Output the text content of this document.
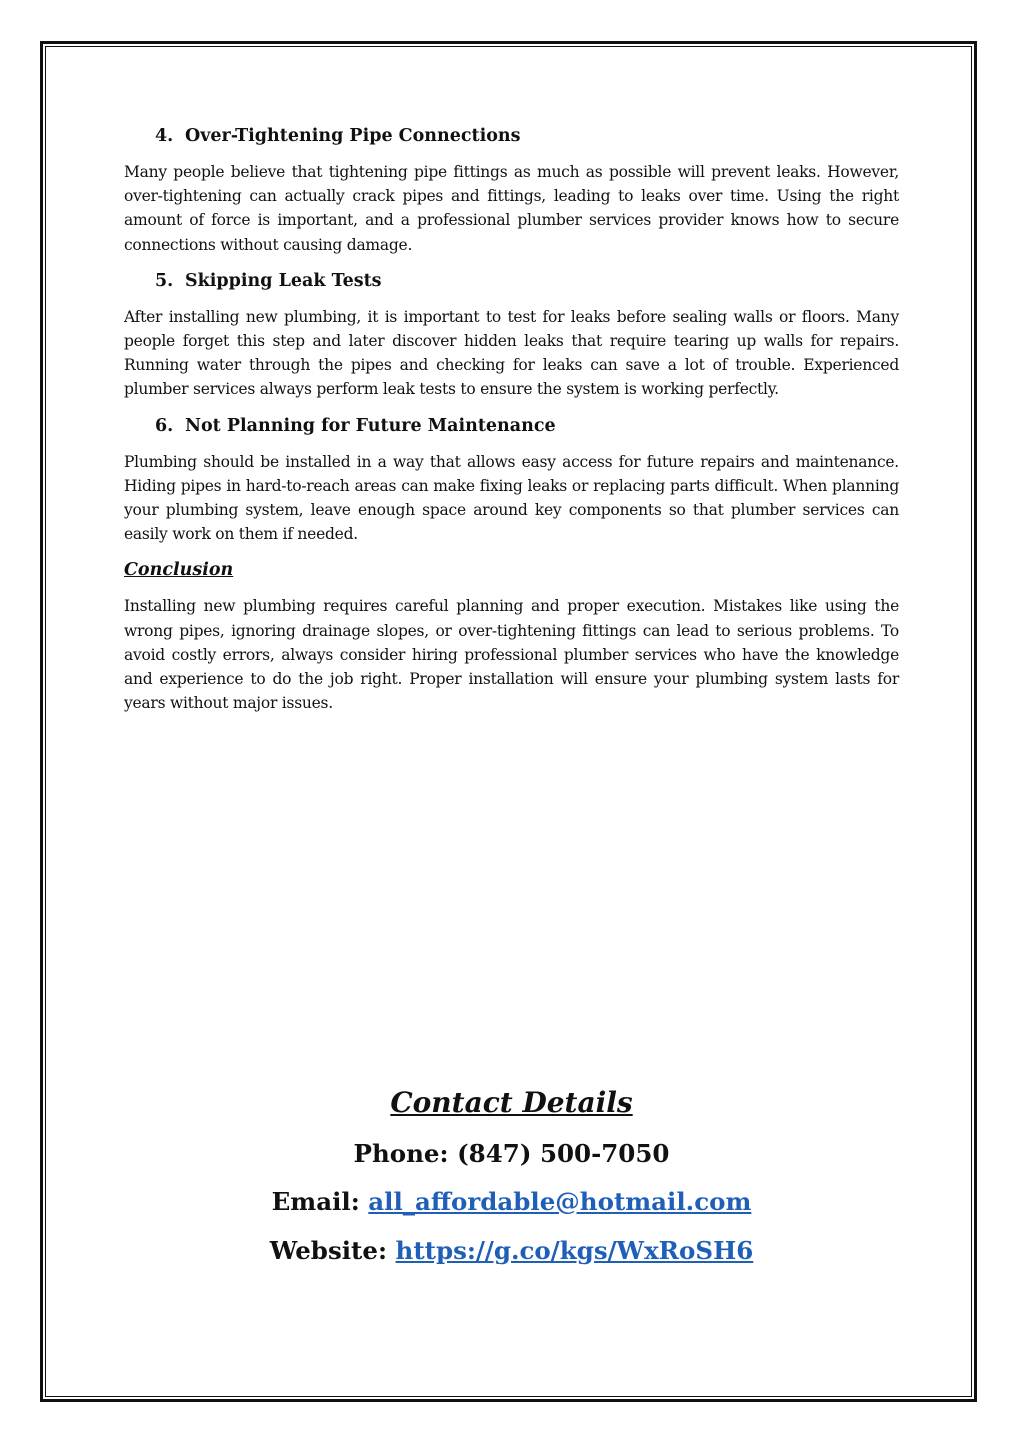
4. Over-Tightening Pipe Connections

Many people believe that tightening pipe fittings as much as possible will prevent leaks. However, over-tightening can actually crack pipes and fittings, leading to leaks over time. Using the right amount of force is important, and a professional plumber services provider knows how to secure connections without causing damage.

5. Skipping Leak Tests

After installing new plumbing, it is important to test for leaks before sealing walls or floors. Many people forget this step and later discover hidden leaks that require tearing up walls for repairs. Running water through the pipes and checking for leaks can save a lot of trouble. Experienced plumber services always perform leak tests to ensure the system is working perfectly.

6. Not Planning for Future Maintenance

Plumbing should be installed in a way that allows easy access for future repairs and maintenance. Hiding pipes in hard-to-reach areas can make fixing leaks or replacing parts difficult. When planning your plumbing system, leave enough space around key components so that plumber services can easily work on them if needed.

Conclusion

Installing new plumbing requires careful planning and proper execution. Mistakes like using the wrong pipes, ignoring drainage slopes, or over-tightening fittings can lead to serious problems. To avoid costly errors, always consider hiring professional plumber services who have the knowledge and experience to do the job right. Proper installation will ensure your plumbing system lasts for years without major issues.

Contact Details
Phone: (847) 500-7050
Email: all_affordable@hotmail.com
Website: https://g.co/kgs/WxRoSH6
